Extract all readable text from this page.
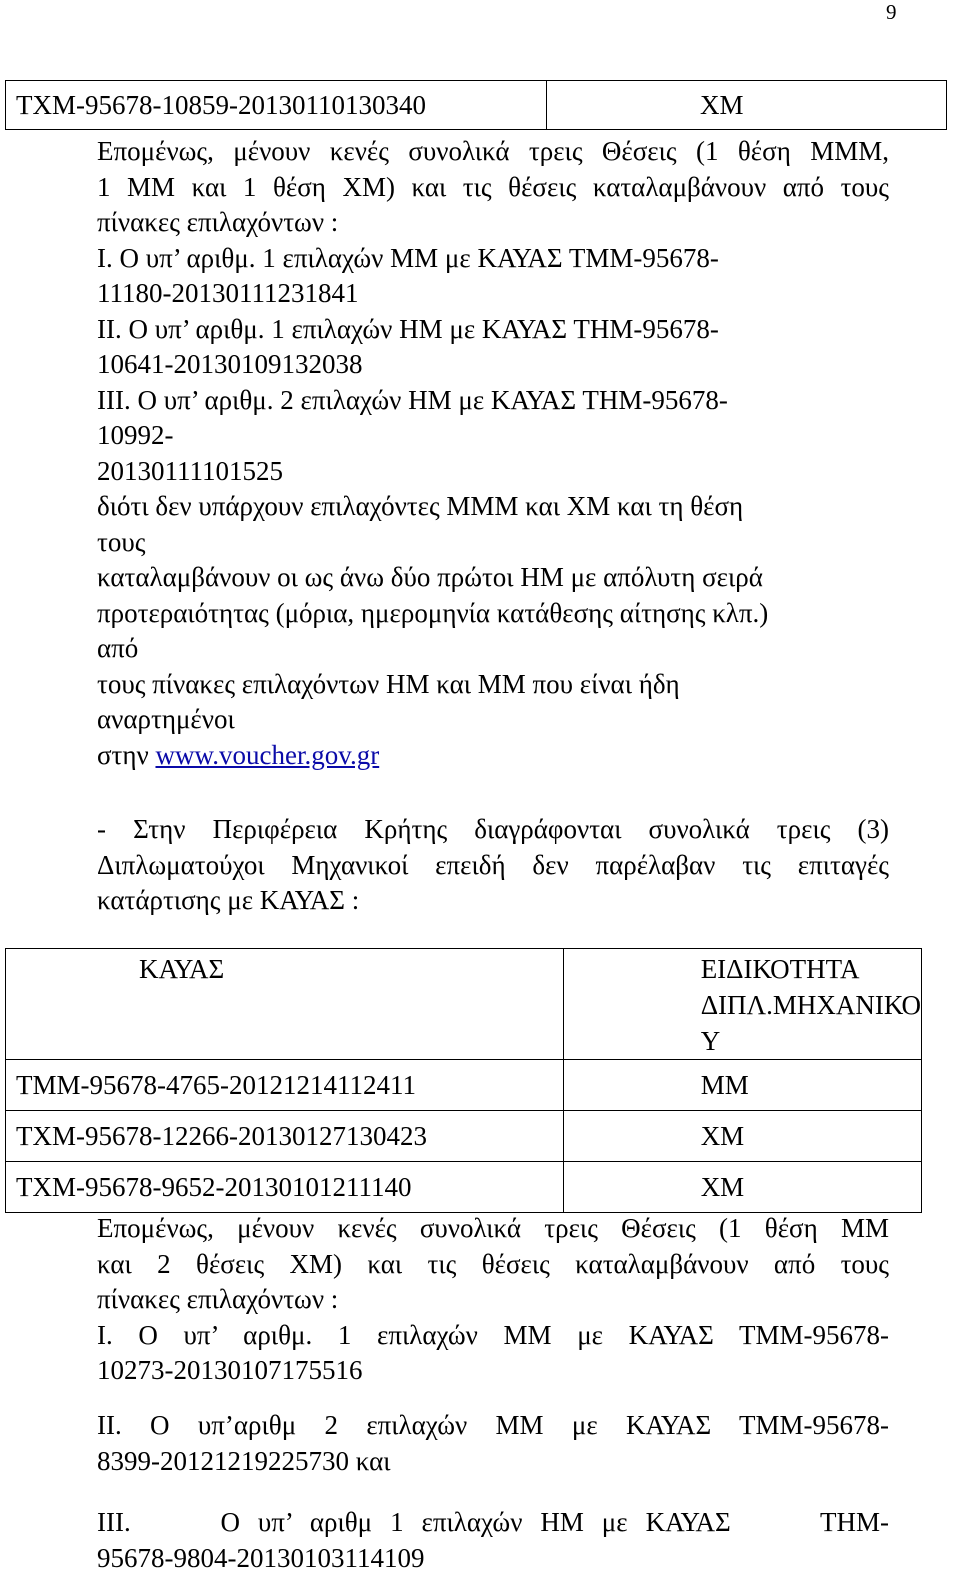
9
ΤΧΜ-95678-10859-20130110130340	ΧΜ
Επομένως, μένουν κενές συνολικά τρεις Θέσεις (1 θέση ΜΜΜ,
1 ΜΜ και 1 θέση ΧΜ) και τις θέσεις καταλαμβάνουν από τους
πίνακες επιλαχόντων :
Ι. Ο υπ’ αριθμ. 1 επιλαχών ΜΜ με ΚΑΥΑΣ ΤΜΜ-95678-
11180-20130111231841
ΙΙ. Ο υπ’ αριθμ. 1 επιλαχών ΗΜ με ΚΑΥΑΣ ΤΗΜ-95678-
10641-20130109132038
ΙΙΙ. Ο υπ’ αριθμ. 2 επιλαχών ΗΜ με ΚΑΥΑΣ ΤΗΜ-95678-
10992-
20130111101525
διότι δεν υπάρχουν επιλαχόντες ΜΜΜ και ΧΜ και τη θέση
τους
καταλαμβάνουν οι ως άνω δύο πρώτοι ΗΜ με απόλυτη σειρά
προτεραιότητας (μόρια, ημερομηνία κατάθεσης αίτησης κλπ.)
από
τους πίνακες επιλαχόντων ΗΜ και ΜΜ που είναι ήδη
αναρτημένοι
στην www.voucher.gov.gr
- Στην Περιφέρεια Κρήτης διαγράφονται συνολικά τρεις (3)
Διπλωματούχοι Μηχανικοί επειδή δεν παρέλαβαν τις επιταγές
κατάρτισης με ΚΑΥΑΣ :
ΚΑΥΑΣ	ΕΙΔΙΚΟΤΗΤΑ
ΔΙΠΛ.ΜΗΧΑΝΙΚΟ
Υ

ΤΜΜ-95678-4765-20121214112411	ΜΜ
ΤΧΜ-95678-12266-20130127130423	ΧΜ
ΤΧΜ-95678-9652-20130101211140	ΧΜ
Επομένως, μένουν κενές συνολικά τρεις Θέσεις (1 θέση ΜΜ
και 2 θέσεις ΧΜ) και τις θέσεις καταλαμβάνουν από τους
πίνακες επιλαχόντων :
Ι. Ο υπ’ αριθμ. 1 επιλαχών ΜΜ με ΚΑΥΑΣ ΤΜΜ-95678-
10273-20130107175516
ΙΙ. Ο υπ’αριθμ 2 επιλαχών ΜΜ με ΚΑΥΑΣ ΤΜΜ-95678-
8399-20121219225730 και
ΙΙΙ.     Ο υπ’ αριθμ 1 επιλαχών ΗΜ με ΚΑΥΑΣ     ΤΗΜ-
95678-9804-20130103114109
